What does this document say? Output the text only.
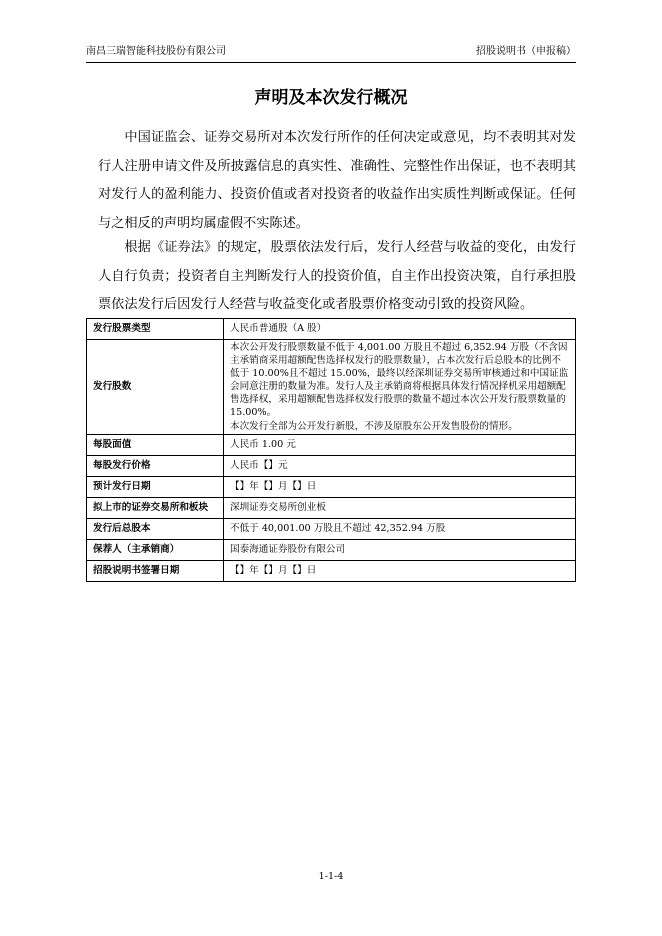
南昌三瑞智能科技股份有限公司	招股说明书（申报稿）
声明及本次发行概况

中国证监会、证券交易所对本次发行所作的任何决定或意见，均不表明其对发行人注册申请文件及所披露信息的真实性、准确性、完整性作出保证，也不表明其对发行人的盈利能力、投资价值或者对投资者的收益作出实质性判断或保证。任何与之相反的声明均属虚假不实陈述。

根据《证券法》的规定，股票依法发行后，发行人经营与收益的变化，由发行人自行负责；投资者自主判断发行人的投资价值，自主作出投资决策，自行承担股票依法发行后因发行人经营与收益变化或者股票价格变动引致的投资风险。

发行股票类型	人民币普通股（A 股）
发行股数	本次公开发行股票数量不低于 4,001.00 万股且不超过 6,352.94 万股（不含因主承销商采用超额配售选择权发行的股票数量），占本次发行后总股本的比例不低于 10.00%且不超过 15.00%，最终以经深圳证券交易所审核通过和中国证监会同意注册的数量为准。发行人及主承销商将根据具体发行情况择机采用超额配售选择权，采用超额配售选择权发行股票的数量不超过本次公开发行股票数量的 15.00%。
本次发行全部为公开发行新股，不涉及原股东公开发售股份的情形。

每股面值	人民币 1.00 元
每股发行价格	人民币【】元
预计发行日期	【】年【】月【】日
拟上市的证券交易所和板块	深圳证券交易所创业板
发行后总股本	不低于 40,001.00 万股且不超过 42,352.94 万股
保荐人（主承销商）	国泰海通证券股份有限公司
招股说明书签署日期	【】年【】月【】日
1-1-4
